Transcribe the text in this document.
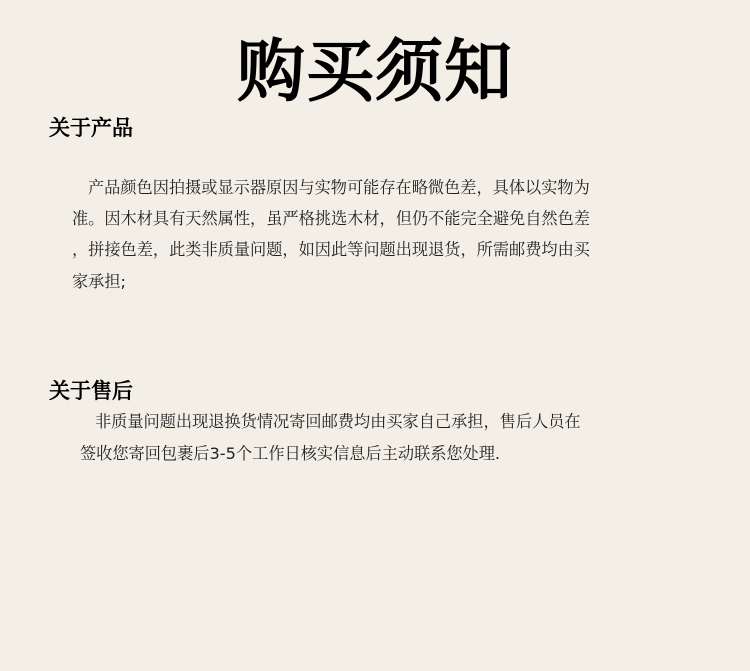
购买须知
关于产品
产品颜色因拍摄或显示器原因与实物可能存在略微色差，具体以实物为
准。因木材具有天然属性，虽严格挑选木材，但仍不能完全避免自然色差
，拼接色差，此类非质量问题，如因此等问题出现退货，所需邮费均由买
家承担;
关于售后
非质量问题出现退换货情况寄回邮费均由买家自己承担，售后人员在
签收您寄回包裹后3-5个工作日核实信息后主动联系您处理.
